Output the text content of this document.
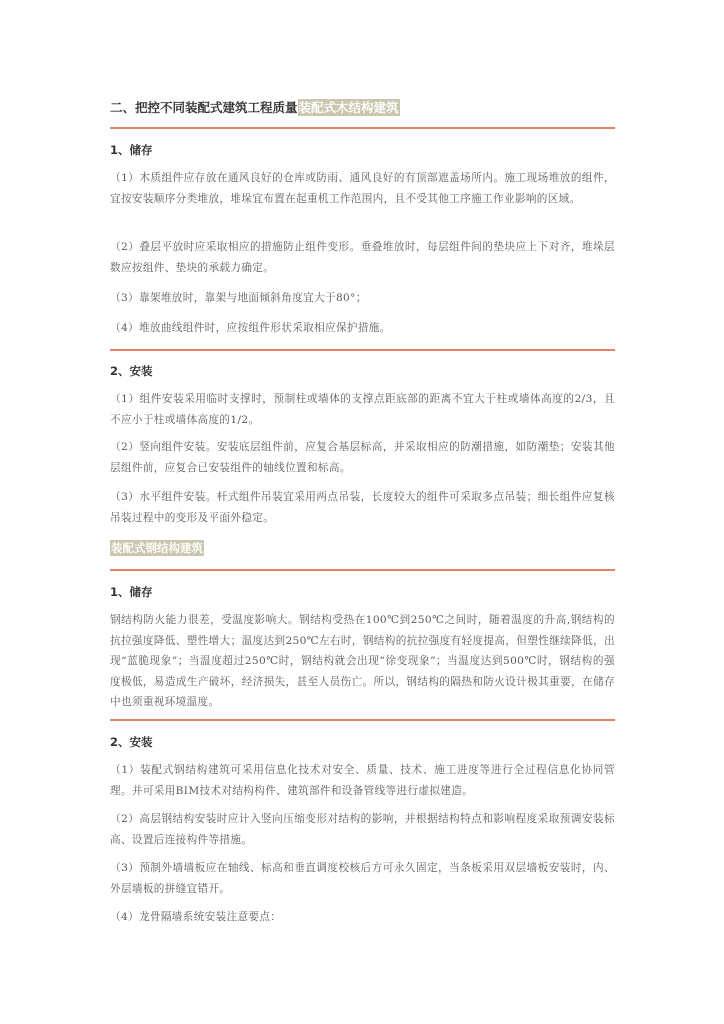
二、把控不同装配式建筑工程质量装配式木结构建筑
1、储存

（1）木质组件应存放在通风良好的仓库或防雨、通风良好的有顶部遮盖场所内。施工现场堆放的组件，宜按安装顺序分类堆放，堆垛宜布置在起重机工作范围内，且不受其他工序施工作业影响的区域。

（2）叠层平放时应采取相应的措施防止组件变形。垂叠堆放时，每层组件间的垫块应上下对齐，堆垛层数应按组件、垫块的承载力确定。

（3）靠架堆放时，靠架与地面倾斜角度宜大于80°；

（4）堆放曲线组件时，应按组件形状采取相应保护措施。

2、安装

（1）组件安装采用临时支撑时，预制柱或墙体的支撑点距底部的距离不宜大于柱或墙体高度的2/3，且不应小于柱或墙体高度的1/2。

（2）竖向组件安装。安装底层组件前，应复合基层标高，并采取相应的防潮措施，如防潮垫；安装其他层组件前，应复合已安装组件的轴线位置和标高。

（3）水平组件安装。杆式组件吊装宜采用两点吊装，长度较大的组件可采取多点吊装；细长组件应复核吊装过程中的变形及平面外稳定。

装配式钢结构建筑
1、储存

钢结构防火能力很差，受温度影响大。钢结构受热在100℃到250℃之间时，随着温度的升高,钢结构的抗拉强度降低、塑性增大；温度达到250℃左右时，钢结构的抗拉强度有轻度提高，但塑性继续降低，出现“蓝脆现象”；当温度超过250℃时，钢结构就会出现“徐变现象”；当温度达到500℃时，钢结构的强度极低，易造成生产破坏，经济损失，甚至人员伤亡。所以，钢结构的隔热和防火设计极其重要，在储存中也须重视环境温度。

2、安装

（1）装配式钢结构建筑可采用信息化技术对安全、质量、技术、施工进度等进行全过程信息化协同管理。并可采用BIM技术对结构构件、建筑部件和设备管线等进行虚拟建造。

（2）高层钢结构安装时应计入竖向压缩变形对结构的影响，并根据结构特点和影响程度采取预调安装标高、设置后连接构件等措施。

（3）预制外墙墙板应在轴线、标高和垂直调度校核后方可永久固定，当条板采用双层墙板安装时，内、外层墙板的拼缝宜错开。

（4）龙骨隔墙系统安装注意要点：
